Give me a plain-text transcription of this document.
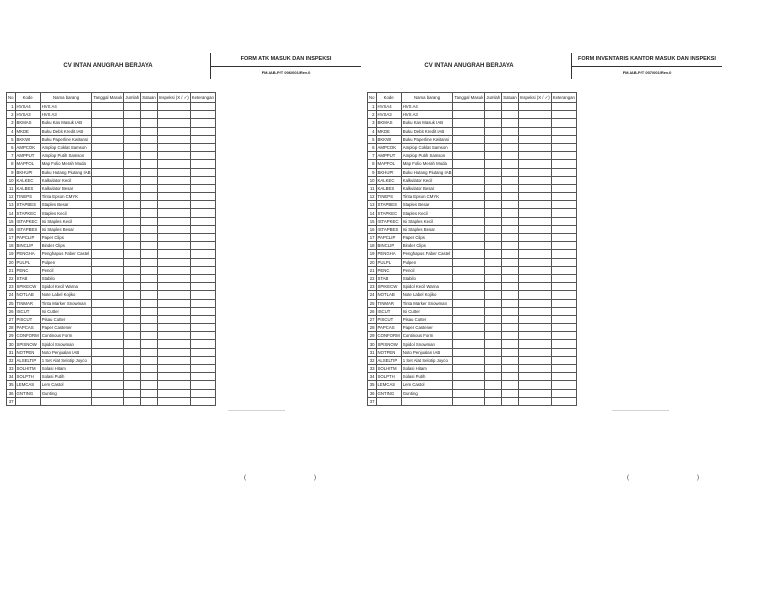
CV INTAN ANUGRAH BERJAYA
FORM ATK MASUK DAN INSPEKSI
FM-IAB-P/T 006/001/Rev.0
No	Kode	Nama barang	Tanggal Masuk	Jumlah	Satuan	Inspeksi (X / ✓)	Keterangan
1	HVSA4	HVS A4					
2	HVSA3	HVS A3					
3	BKMAS	Buku Kas Masuk IAB					
4	MKDE	Buku Debit Kredit IAB					
5	BKKWI	Buku Paperline Kwitansi					
6	AMPCOK	Amplop Coklat Samson					
7	AMPPUT	Amplop Putih Samson					
8	MAPFOL	Map Folio Merah Muda					
9	BKHUPI	Buku Hutang Piutang IAB					
10	KALKEC	Kalkulator Kecil					
11	KALBES	Kalkulator Besar					
12	TINEPS	Tinta Epson CMYK					
13	STAPBES	Staples Besar					
14	STAPKEC	Staples Kecil					
15	ISTAPKEC	Isi Staples Kecil					
16	ISTAPBES	Isi Staples Besar					
17	PAPCLIP	Paper Clips					
18	BINCLIP	Binder Clips					
19	PENGHA	Penghapus Faber Castel					
20	PULPL	Pulpen					
21	PENC	Pencil					
22	STAB	Stabilo					
23	SPIKECW	Spidol Kecil Warna					
24	NOTLAB	Note Label Kojiko					
25	TINMAR	Tinta Marker Snowman					
26	ISCUT	Isi Cutter					
27	PISCUT	Pisau Cutter					
28	PAPCAS	Paper Castener					
29	CONFORM	Continous Form					
30	SPISNOW	Spidol Snowman					
31	NOTPEN	Noto Penjualan IAB					
32	ALSELTIP	1 Set Alat Selotip Joyco					
33	SOLHITM	Solasi Hitam					
34	SOLPTH	Solasi Putih					
35	LEMCAS	Lem Castol					
36	GNTING	Gunting					
37							
-------------------------------------------
(	)
CV INTAN ANUGRAH BERJAYA
FORM INVENTARIS KANTOR MASUK DAN INSPEKSI
FM-IAB-P/T 007/001/Rev.0
No	Kode	Nama barang	Tanggal Masuk	Jumlah	Satuan	Inspeksi (X / ✓)	Keterangan
1	HVSA4	HVS A4					
2	HVSA3	HVS A3					
3	BKMAS	Buku Kas Masuk IAB					
4	MKDE	Buku Debit Kredit IAB					
5	BKKWI	Buku Paperline Kwitansi					
6	AMPCOK	Amplop Coklat Samson					
7	AMPPUT	Amplop Putih Samson					
8	MAPFOL	Map Folio Merah Muda					
9	BKHUPI	Buku Hutang Piutang IAB					
10	KALKEC	Kalkulator Kecil					
11	KALBES	Kalkulator Besar					
12	TINEPS	Tinta Epson CMYK					
13	STAPBES	Staples Besar					
14	STAPKEC	Staples Kecil					
15	ISTAPKEC	Isi Staples Kecil					
16	ISTAPBES	Isi Staples Besar					
17	PAPCLIP	Paper Clips					
18	BINCLIP	Binder Clips					
19	PENGHA	Penghapus Faber Castel					
20	PULPL	Pulpen					
21	PENC	Pencil					
22	STAB	Stabilo					
23	SPIKECW	Spidol Kecil Warna					
24	NOTLAB	Note Label Kojiko					
25	TINMAR	Tinta Marker Snowman					
26	ISCUT	Isi Cutter					
27	PISCUT	Pisau Cutter					
28	PAPCAS	Paper Castener					
29	CONFORM	Continous Form					
30	SPISNOW	Spidol Snowman					
31	NOTPEN	Noto Penjualan IAB					
32	ALSELTIP	1 Set Alat Selotip Joyco					
33	SOLHITM	Solasi Hitam					
34	SOLPTH	Solasi Putih					
35	LEMCAS	Lem Castol					
36	GNTING	Gunting					
37							
-------------------------------------------
(	)
